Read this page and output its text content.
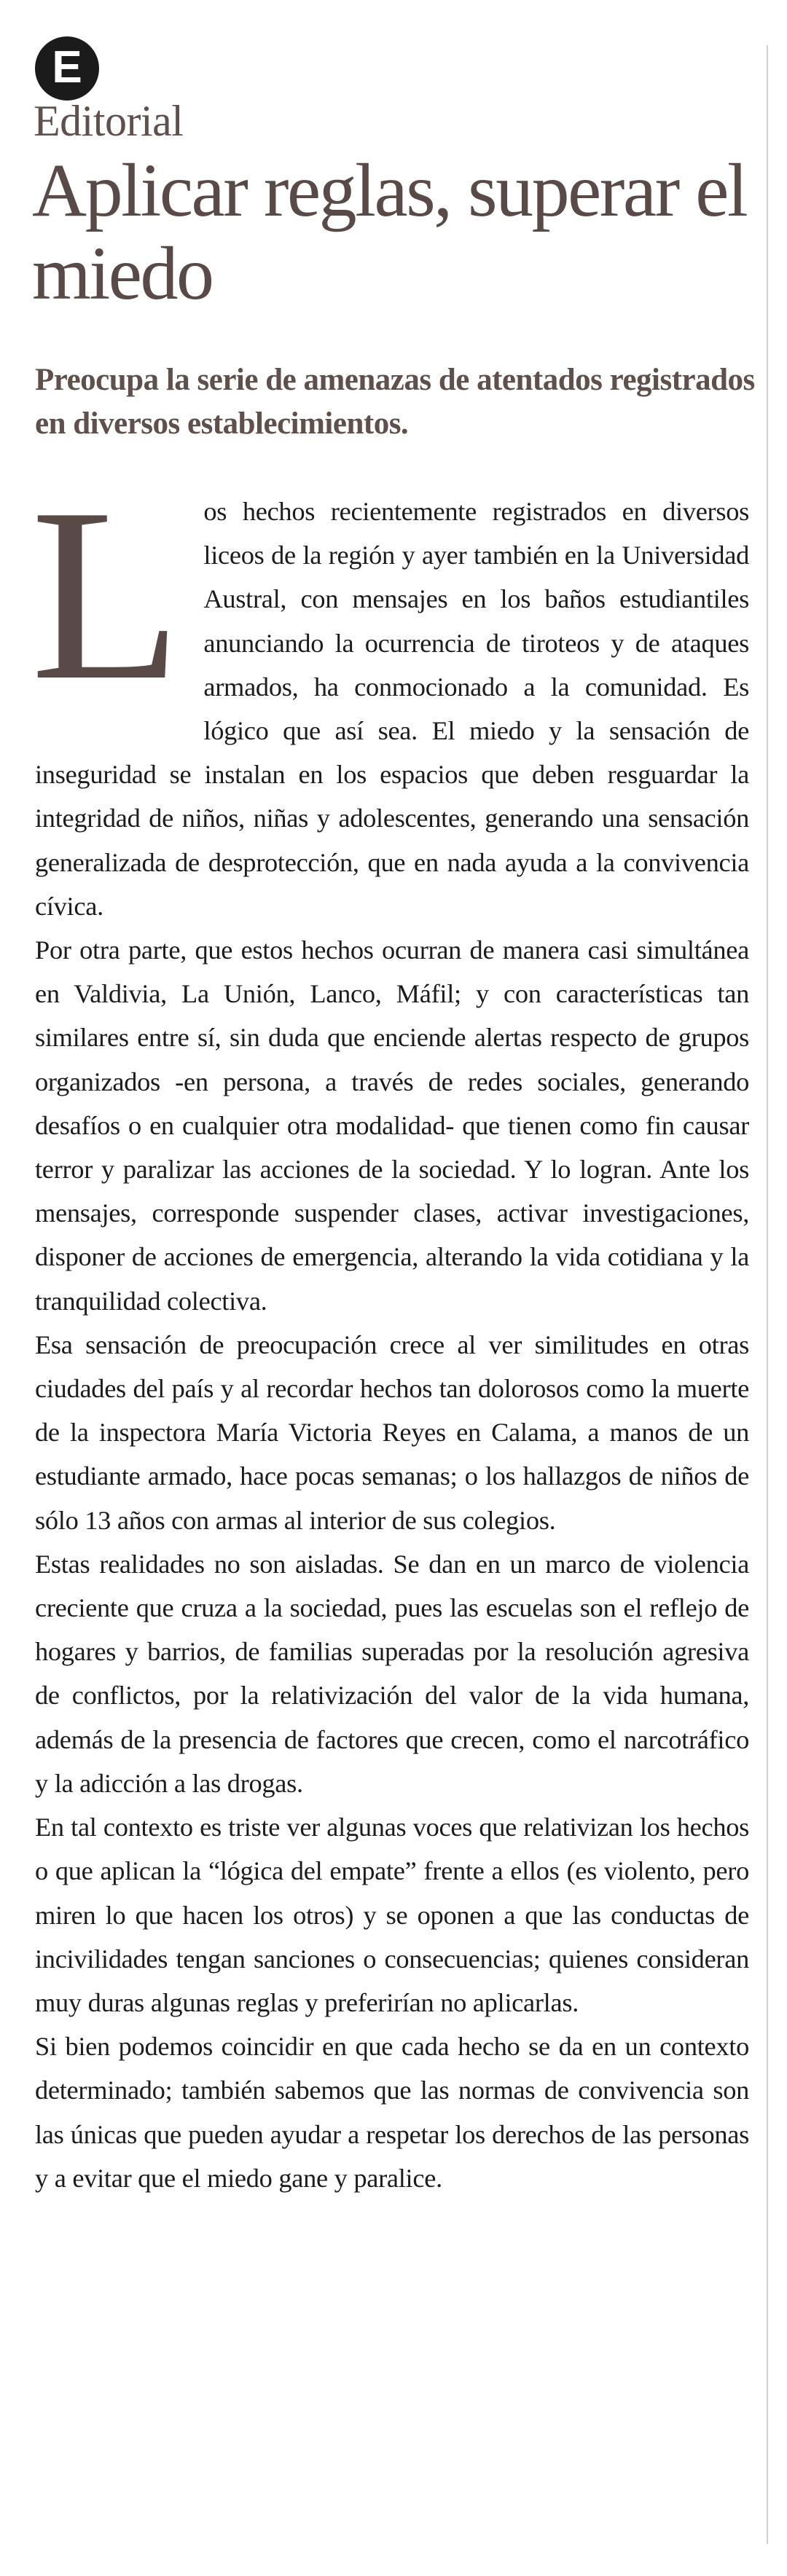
E
Editorial
Aplicar reglas, superar el miedo
Preocupa la serie de amenazas de atentados registrados en diversos establecimientos.

Los hechos recientemente registrados en diversos liceos de la región y ayer también en la Universidad Austral, con mensajes en los baños estudiantiles anunciando la ocurrencia de tiroteos y de ataques armados, ha conmocionado a la comunidad. Es lógico que así sea. El miedo y la sensación de inseguridad se instalan en los espacios que deben resguardar la integridad de niños, niñas y adolescentes, generando una sensación generalizada de desprotección, que en nada ayuda a la convivencia cívica.

Por otra parte, que estos hechos ocurran de manera casi simultánea en Valdivia, La Unión, Lanco, Máfil; y con características tan similares entre sí, sin duda que enciende alertas respecto de grupos organizados -en persona, a través de redes sociales, generando desafíos o en cualquier otra modalidad- que tienen como fin causar terror y paralizar las acciones de la sociedad. Y lo logran. Ante los mensajes, corresponde suspender clases, activar investigaciones, disponer de acciones de emergencia, alterando la vida cotidiana y la tranquilidad colectiva.

Esa sensación de preocupación crece al ver similitudes en otras ciudades del país y al recordar hechos tan dolorosos como la muerte de la inspectora María Victoria Reyes en Calama, a manos de un estudiante armado, hace pocas semanas; o los hallazgos de niños de sólo 13 años con armas al interior de sus colegios.

Estas realidades no son aisladas. Se dan en un marco de violencia creciente que cruza a la sociedad, pues las escuelas son el reflejo de hogares y barrios, de familias superadas por la resolución agresiva de conflictos, por la relativización del valor de la vida humana, además de la presencia de factores que crecen, como el narcotráfico y la adicción a las drogas.

En tal contexto es triste ver algunas voces que relativizan los hechos o que aplican la “lógica del empate” frente a ellos (es violento, pero miren lo que hacen los otros) y se oponen a que las conductas de incivilidades tengan sanciones o consecuencias; quienes consideran muy duras algunas reglas y preferirían no aplicarlas.

Si bien podemos coincidir en que cada hecho se da en un contexto determinado; también sabemos que las normas de convivencia son las únicas que pueden ayudar a respetar los derechos de las personas y a evitar que el miedo gane y paralice.
